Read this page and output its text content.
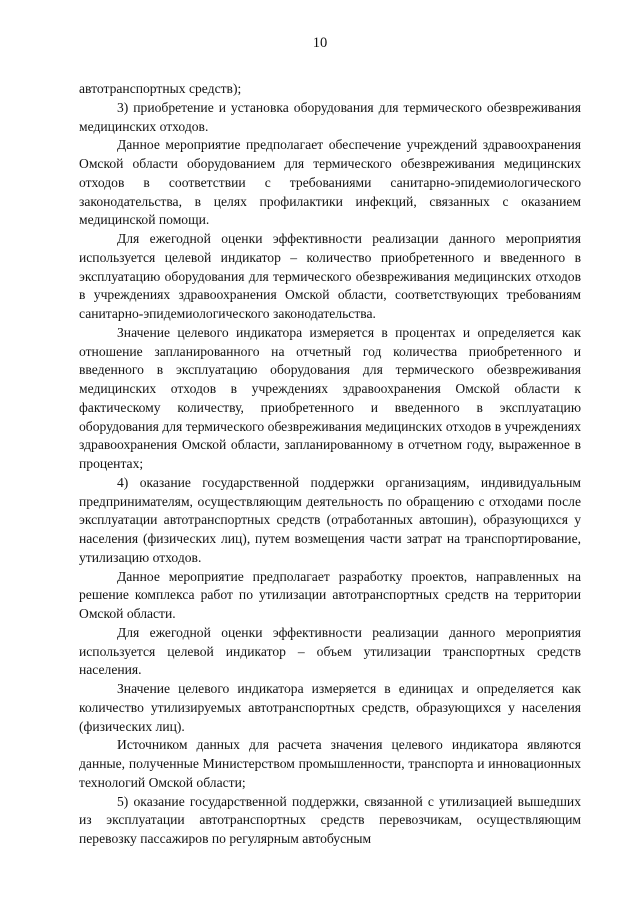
10

автотранспортных средств);

3) приобретение и установка оборудования для термического обезвреживания медицинских отходов.

Данное мероприятие предполагает обеспечение учреждений здравоохранения Омской области оборудованием для термического обезвреживания медицинских отходов в соответствии с требованиями санитарно-эпидемиологического законодательства, в целях профилактики инфекций, связанных с оказанием медицинской помощи.

Для ежегодной оценки эффективности реализации данного мероприятия используется целевой индикатор – количество приобретенного и введенного в эксплуатацию оборудования для термического обезвреживания медицинских отходов в учреждениях здравоохранения Омской области, соответствующих требованиям санитарно-эпидемиологического законодательства.

Значение целевого индикатора измеряется в процентах и определяется как отношение запланированного на отчетный год количества приобретенного и введенного в эксплуатацию оборудования для термического обезвреживания медицинских отходов в учреждениях здравоохранения Омской области к фактическому количеству, приобретенного и введенного в эксплуатацию оборудования для термического обезвреживания медицинских отходов в учреждениях здравоохранения Омской области, запланированному в отчетном году, выраженное в процентах;

4) оказание государственной поддержки организациям, индивидуальным предпринимателям, осуществляющим деятельность по обращению с отходами после эксплуатации автотранспортных средств (отработанных автошин), образующихся у населения (физических лиц), путем возмещения части затрат на транспортирование, утилизацию отходов.

Данное мероприятие предполагает разработку проектов, направленных на решение комплекса работ по утилизации автотранспортных средств на территории Омской области.

Для ежегодной оценки эффективности реализации данного мероприятия используется целевой индикатор – объем утилизации транспортных средств населения.

Значение целевого индикатора измеряется в единицах и определяется как количество утилизируемых автотранспортных средств, образующихся у населения (физических лиц).

Источником данных для расчета значения целевого индикатора являются данные, полученные Министерством промышленности, транспорта и инновационных технологий Омской области;

5) оказание государственной поддержки, связанной с утилизацией вышедших из эксплуатации автотранспортных средств перевозчикам, осуществляющим перевозку пассажиров по регулярным автобусным
